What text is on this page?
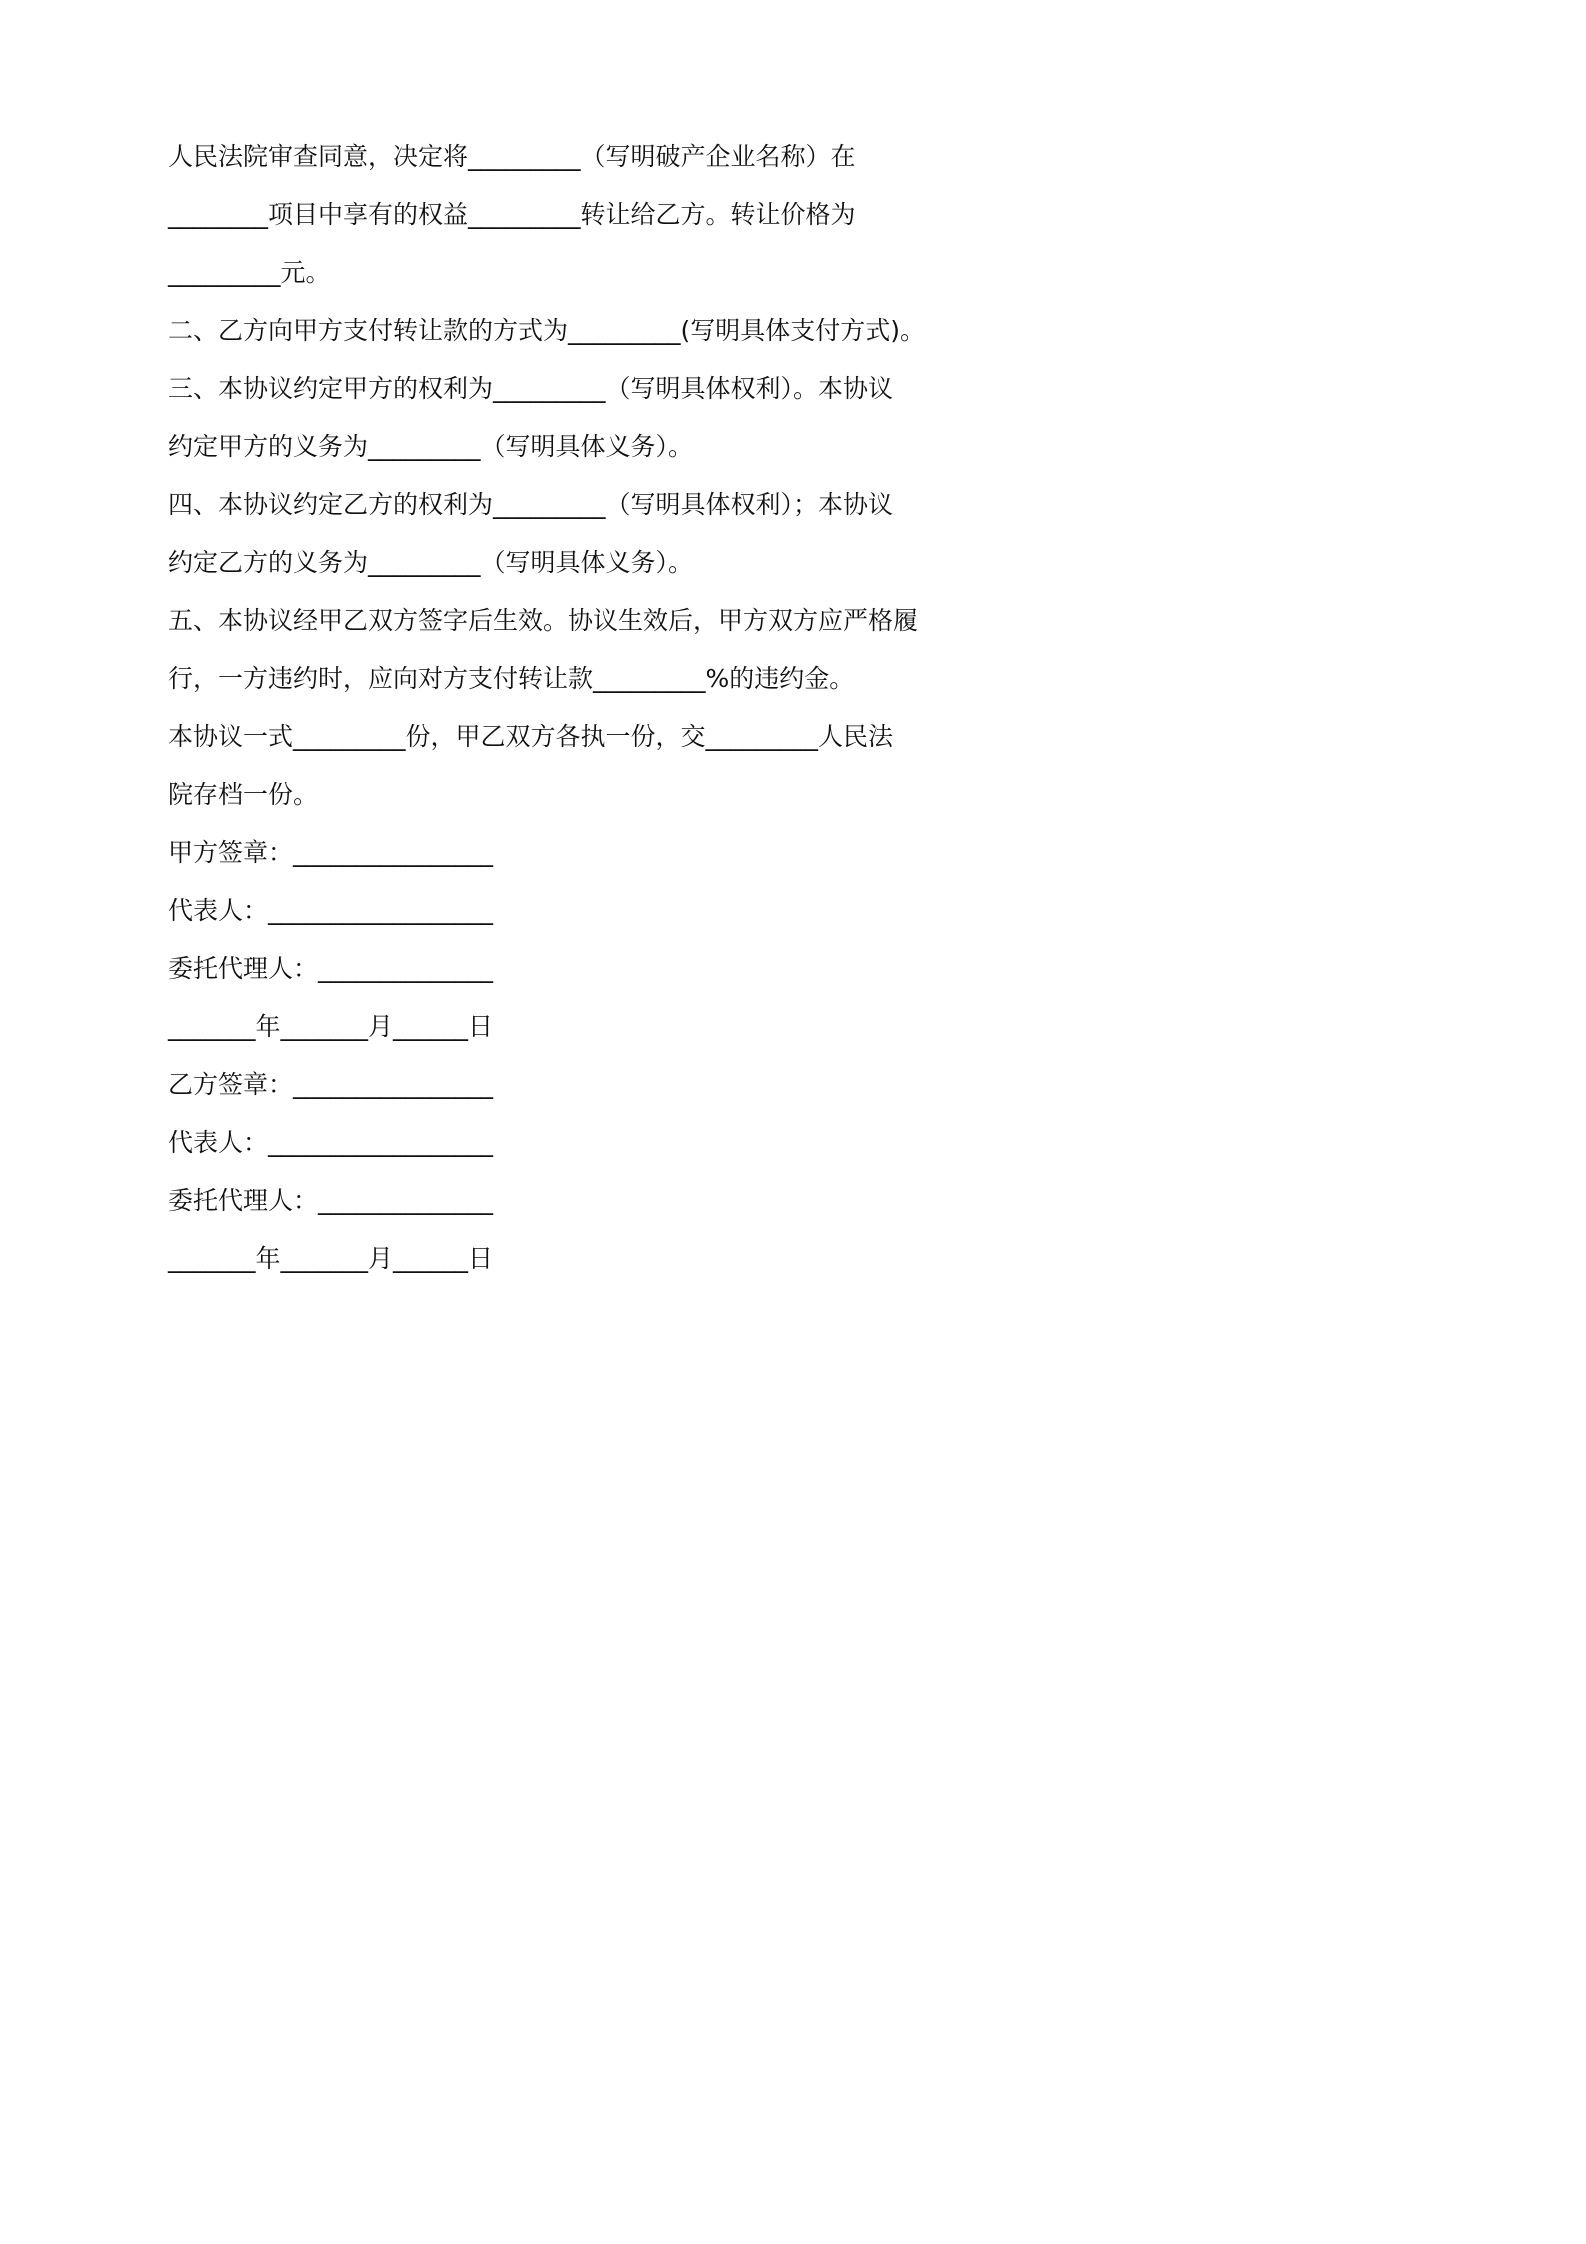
人民法院审查同意，决定将_________（写明破产企业名称）在
________项目中享有的权益_________转让给乙方。转让价格为
_________元。
二、乙方向甲方支付转让款的方式为_________(写明具体支付方式)。
三、本协议约定甲方的权利为_________（写明具体权利）。本协议
约定甲方的义务为_________（写明具体义务）。
四、本协议约定乙方的权利为_________（写明具体权利）；本协议
约定乙方的义务为_________（写明具体义务）。
五、本协议经甲乙双方签字后生效。协议生效后，甲方双方应严格履
行，一方违约时，应向对方支付转让款_________%的违约金。
本协议一式_________份，甲乙双方各执一份，交_________人民法
院存档一份。
甲方签章：________________
代表人：__________________
委托代理人：______________
_______年_______月______日
乙方签章：________________
代表人：__________________
委托代理人：______________
_______年_______月______日
